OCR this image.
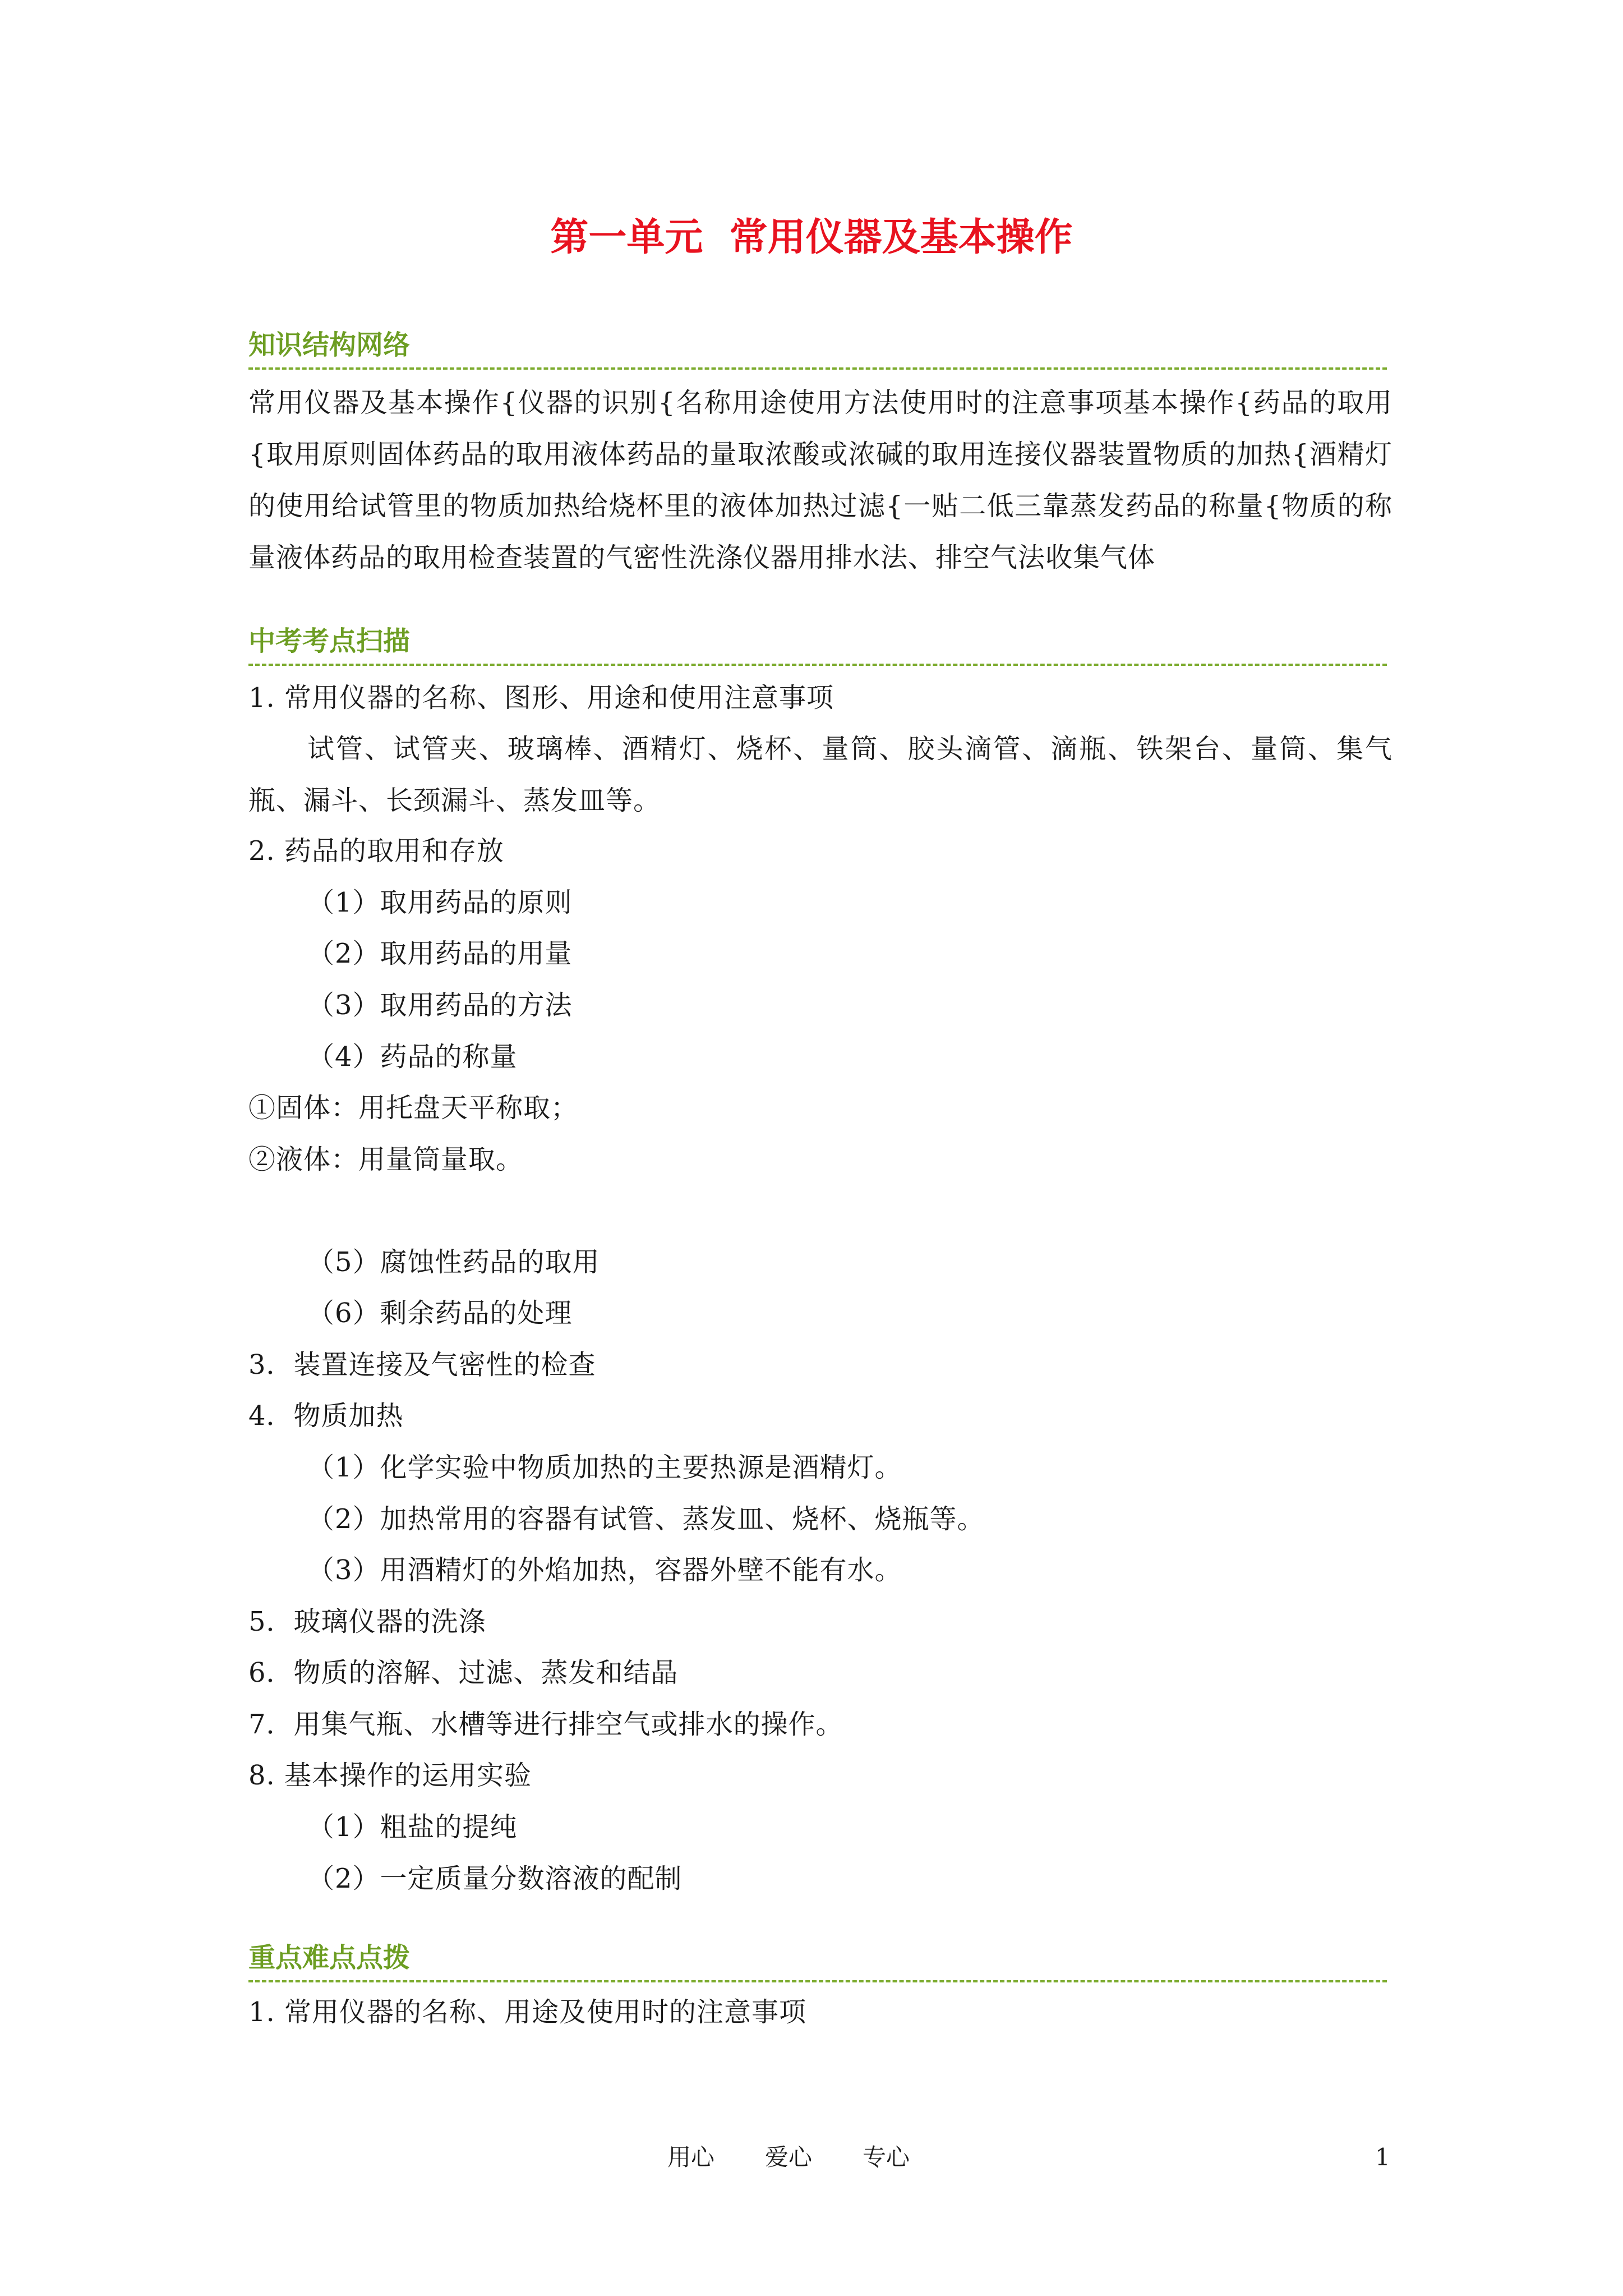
第一单元  常用仪器及基本操作
知识结构网络
常用仪器及基本操作{仪器的识别{名称用途使用方法使用时的注意事项基本操作{药品的取用{取用原则固体药品的取用液体药品的量取浓酸或浓碱的取用连接仪器装置物质的加热{酒精灯的使用给试管里的物质加热给烧杯里的液体加热过滤{一贴二低三靠蒸发药品的称量{物质的称量液体药品的取用检查装置的气密性洗涤仪器用排水法、排空气法收集气体
中考考点扫描
1. 常用仪器的名称、图形、用途和使用注意事项
试管、试管夹、玻璃棒、酒精灯、烧杯、量筒、胶头滴管、滴瓶、铁架台、量筒、集气瓶、漏斗、长颈漏斗、蒸发皿等。
2. 药品的取用和存放
（1）取用药品的原则
（2）取用药品的用量
（3）取用药品的方法
（4）药品的称量
①固体：用托盘天平称取；
②液体：用量筒量取。
（5）腐蚀性药品的取用
（6）剩余药品的处理
3．装置连接及气密性的检查
4．物质加热
（1）化学实验中物质加热的主要热源是酒精灯。
（2）加热常用的容器有试管、蒸发皿、烧杯、烧瓶等。
（3）用酒精灯的外焰加热，容器外壁不能有水。
5．玻璃仪器的洗涤
6．物质的溶解、过滤、蒸发和结晶
7．用集气瓶、水槽等进行排空气或排水的操作。
8. 基本操作的运用实验
（1）粗盐的提纯
（2）一定质量分数溶液的配制
重点难点点拨
1. 常用仪器的名称、用途及使用时的注意事项
用心 爱心 专心	1
